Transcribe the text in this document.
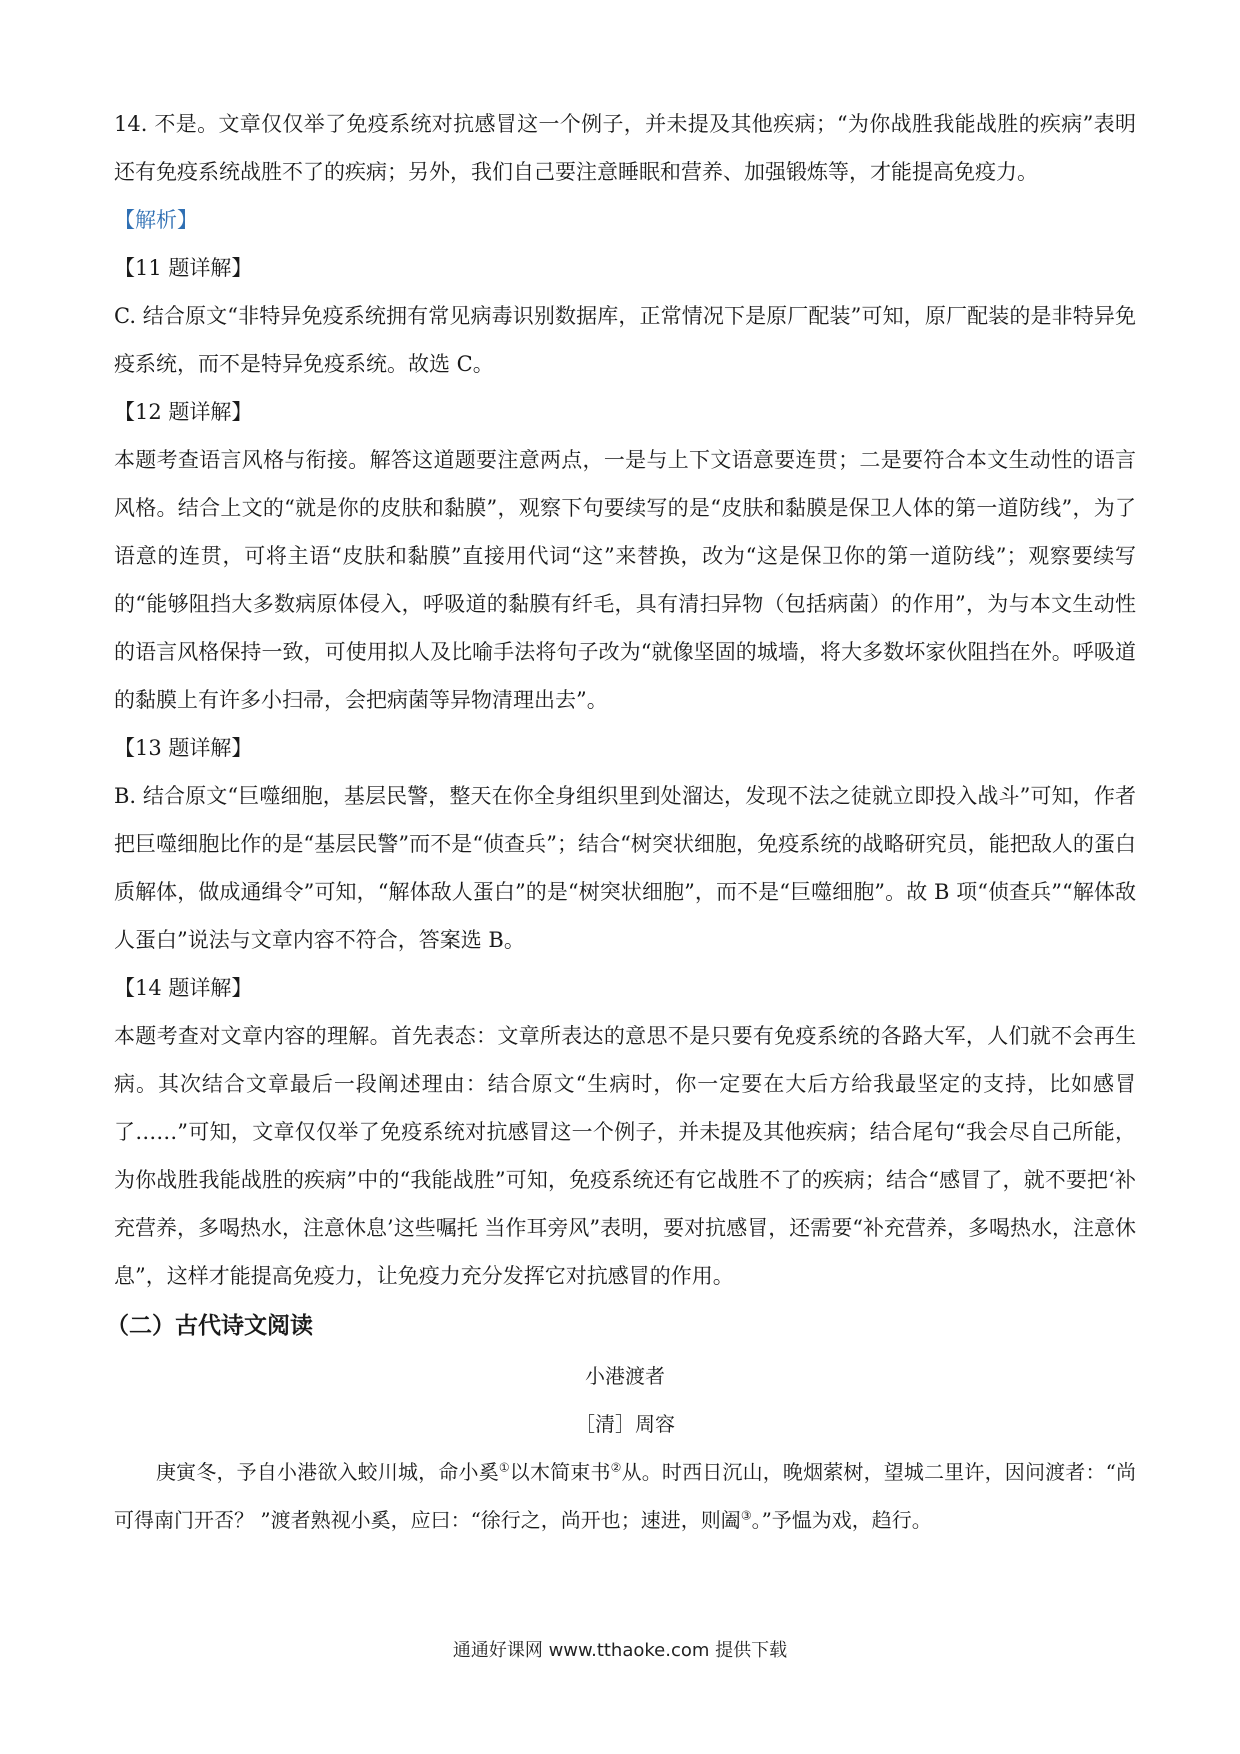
14. 不是。文章仅仅举了免疫系统对抗感冒这一个例子，并未提及其他疾病；“为你战胜我能战胜的疾病”表明还有免疫系统战胜不了的疾病；另外，我们自己要注意睡眠和营养、加强锻炼等，才能提高免疫力。

【解析】

【11 题详解】

C. 结合原文“非特异免疫系统拥有常见病毒识别数据库，正常情况下是原厂配装”可知，原厂配装的是非特异免疫系统，而不是特异免疫系统。故选 C。

【12 题详解】

本题考查语言风格与衔接。解答这道题要注意两点，一是与上下文语意要连贯；二是要符合本文生动性的语言风格。结合上文的“就是你的皮肤和黏膜”，观察下句要续写的是“皮肤和黏膜是保卫人体的第一道防线”，为了语意的连贯，可将主语“皮肤和黏膜”直接用代词“这”来替换，改为“这是保卫你的第一道防线”；观察要续写的“能够阻挡大多数病原体侵入，呼吸道的黏膜有纤毛，具有清扫异物（包括病菌）的作用”，为与本文生动性的语言风格保持一致，可使用拟人及比喻手法将句子改为“就像坚固的城墙，将大多数坏家伙阻挡在外。呼吸道的黏膜上有许多小扫帚，会把病菌等异物清理出去”。

【13 题详解】

B. 结合原文“巨噬细胞，基层民警，整天在你全身组织里到处溜达，发现不法之徒就立即投入战斗”可知，作者把巨噬细胞比作的是“基层民警”而不是“侦查兵”；结合“树突状细胞，免疫系统的战略研究员，能把敌人的蛋白质解体，做成通缉令”可知，“解体敌人蛋白”的是“树突状细胞”，而不是“巨噬细胞”。故 B 项“侦查兵”“解体敌人蛋白”说法与文章内容不符合，答案选 B。

【14 题详解】

本题考查对文章内容的理解。首先表态：文章所表达的意思不是只要有免疫系统的各路大军，人们就不会再生病。其次结合文章最后一段阐述理由：结合原文“生病时，你一定要在大后方给我最坚定的支持，比如感冒了……”可知，文章仅仅举了免疫系统对抗感冒这一个例子，并未提及其他疾病；结合尾句“我会尽自己所能，为你战胜我能战胜的疾病”中的“我能战胜”可知，免疫系统还有它战胜不了的疾病；结合“感冒了，就不要把‘补充营养，多喝热水，注意休息’这些嘱托 当作耳旁风”表明，要对抗感冒，还需要“补充营养，多喝热水，注意休息”，这样才能提高免疫力，让免疫力充分发挥它对抗感冒的作用。

（二）古代诗文阅读

小港渡者

［清］周容

庚寅冬，予自小港欲入蛟川城，命小奚①以木简束书②从。时西日沉山，晚烟萦树，望城二里许，因问渡者：“尚可得南门开否？ ”渡者熟视小奚，应曰：“徐行之，尚开也；速进，则阖③。”予愠为戏，趋行。

通通好课网 www.tthaoke.com 提供下载
